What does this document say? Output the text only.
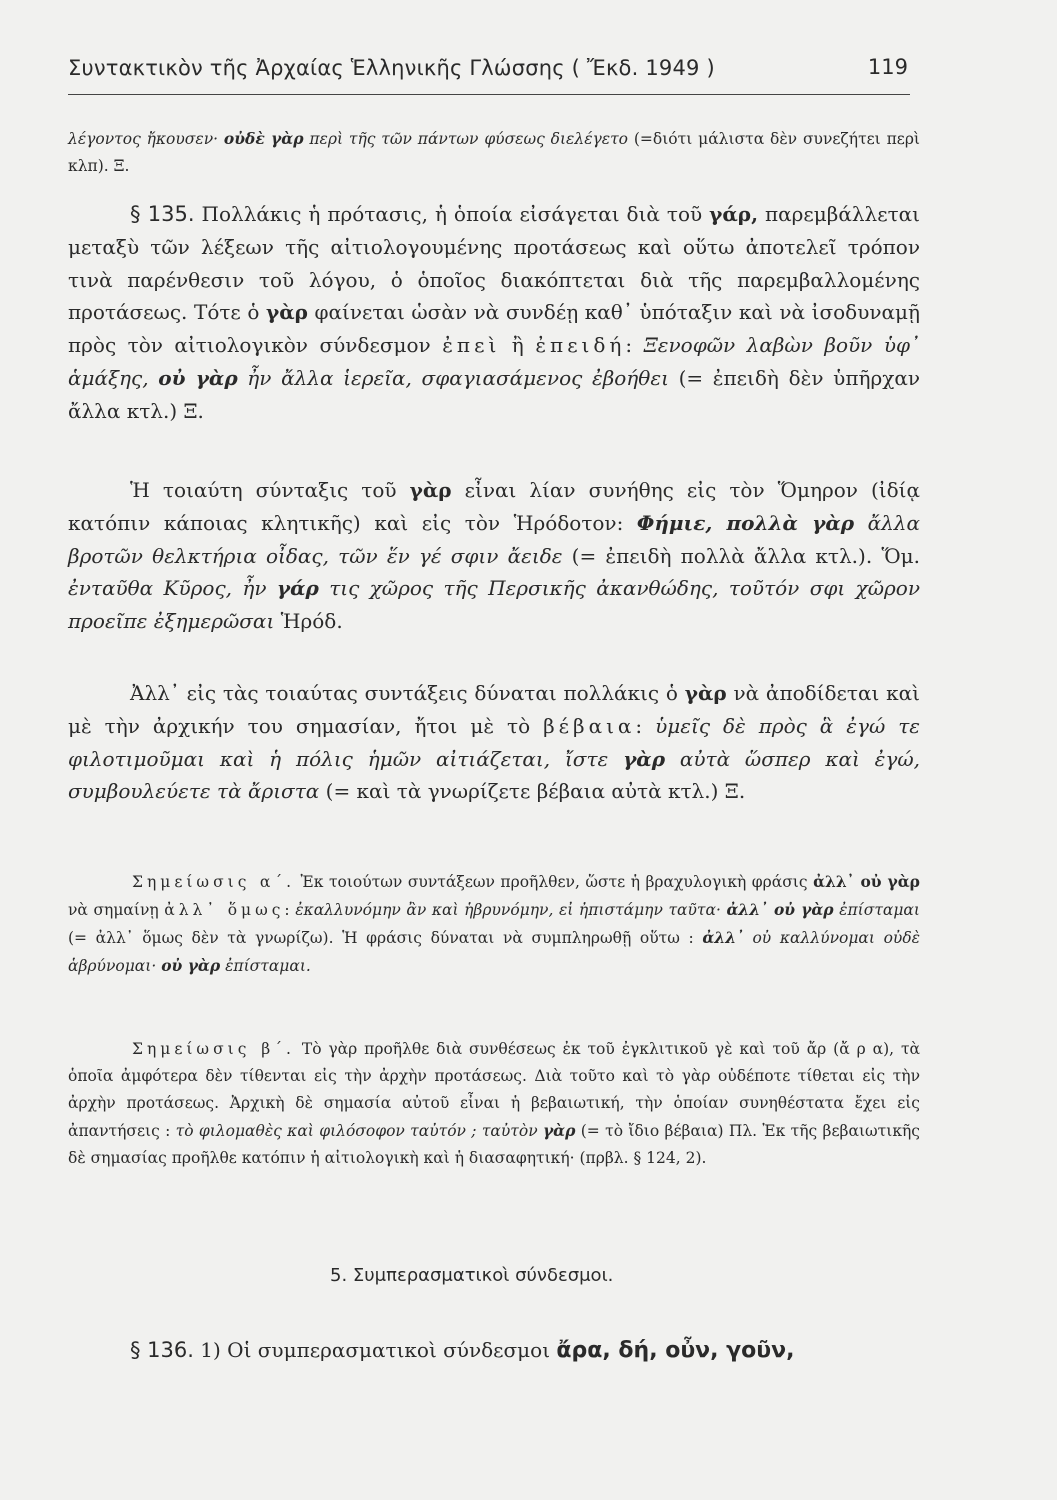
Συντακτικὸν τῆς Ἀρχαίας Ἑλληνικῆς Γλώσσης ( Ἔκδ. 1949 )	119

λέγοντος ἤκουσεν· οὐδὲ γὰρ περὶ τῆς τῶν πάντων φύσεως διελέγετο (=διότι μάλιστα δὲν συνεζήτει περὶ κλπ). Ξ.

§ 135. Πολλάκις ἡ πρότασις, ἡ ὁποία εἰσάγεται διὰ τοῦ γάρ, παρεμβάλλεται μεταξὺ τῶν λέξεων τῆς αἰτιολογουμένης προτάσεως καὶ οὕτω ἀποτελεῖ τρόπον τινὰ παρένθεσιν τοῦ λόγου, ὁ ὁποῖος διακόπτεται διὰ τῆς παρεμβαλλομένης προτάσεως. Τότε ὁ γὰρ φαίνεται ὡσὰν νὰ συνδέῃ καθ᾽ ὑπόταξιν καὶ νὰ ἰσοδυναμῇ πρὸς τὸν αἰτιολογικὸν σύνδεσμον ἐπεὶ ἢ ἐπειδή: Ξενοφῶν λαβὼν βοῦν ὑφ᾽ ἁμάξης, οὐ γὰρ ἦν ἄλλα ἱερεῖα, σφαγιασάμενος ἐβοήθει (= ἐπειδὴ δὲν ὑπῆρχαν ἄλλα κτλ.) Ξ.

Ἡ τοιαύτη σύνταξις τοῦ γὰρ εἶναι λίαν συνήθης εἰς τὸν Ὅμηρον (ἰδίᾳ κατόπιν κάποιας κλητικῆς) καὶ εἰς τὸν Ἡρόδοτον: Φήμιε, πολλὰ γὰρ ἄλλα βροτῶν θελκτήρια οἶδας, τῶν ἕν γέ σφιν ἄειδε (= ἐπειδὴ πολλὰ ἄλλα κτλ.). Ὅμ. ἐνταῦθα Κῦρος, ἦν γάρ τις χῶρος τῆς Περσικῆς ἀκανθώδης, τοῦτόν σφι χῶρον προεῖπε ἐξημερῶσαι Ἡρόδ.

Ἀλλ᾽ εἰς τὰς τοιαύτας συντάξεις δύναται πολλάκις ὁ γὰρ νὰ ἀποδίδεται καὶ μὲ τὴν ἀρχικήν του σημασίαν, ἤτοι μὲ τὸ βέβαια: ὑμεῖς δὲ πρὸς ἃ ἐγώ τε φιλοτιμοῦμαι καὶ ἡ πόλις ἡμῶν αἰτιάζεται, ἴστε γὰρ αὐτὰ ὥσπερ καὶ ἐγώ, συμβουλεύετε τὰ ἄριστα (= καὶ τὰ γνωρίζετε βέβαια αὐτὰ κτλ.) Ξ.

Σημείωσις α΄. Ἐκ τοιούτων συντάξεων προῆλθεν, ὥστε ἡ βραχυλογικὴ φράσις ἀλλ᾽ οὐ γὰρ νὰ σημαίνῃ ἀλλ᾽ ὅμως: ἐκαλλυνόμην ἂν καὶ ἡβρυνόμην, εἰ ἠπιστάμην ταῦτα· ἀλλ᾽ οὐ γὰρ ἐπίσταμαι (= ἀλλ᾽ ὅμως δὲν τὰ γνωρίζω). Ἡ φράσις δύναται νὰ συμπληρωθῇ οὕτω : ἀλλ᾽ οὐ καλλύνομαι οὐδὲ ἁβρύνομαι· οὐ γὰρ ἐπίσταμαι.

Σημείωσις β΄. Τὸ γὰρ προῆλθε διὰ συνθέσεως ἐκ τοῦ ἐγκλιτικοῦ γὲ καὶ τοῦ ἄρ (ἄ ρ α), τὰ ὁποῖα ἀμφότερα δὲν τίθενται εἰς τὴν ἀρχὴν προτάσεως. Διὰ τοῦτο καὶ τὸ γὰρ οὐδέποτε τίθεται εἰς τὴν ἀρχὴν προτάσεως. Ἀρχικὴ δὲ σημασία αὐτοῦ εἶναι ἡ βεβαιωτική, τὴν ὁποίαν συνηθέστατα ἔχει εἰς ἀπαντήσεις : τὸ φιλομαθὲς καὶ φιλόσοφον ταὐτόν ; ταὐτὸν γὰρ (= τὸ ἴδιο βέβαια) Πλ. Ἐκ τῆς βεβαιωτικῆς δὲ σημασίας προῆλθε κατόπιν ἡ αἰτιολογικὴ καὶ ἡ διασαφητική· (πρβλ. § 124, 2).

5. Συμπερασματικοὶ σύνδεσμοι.

§ 136. 1) Οἱ συμπερασματικοὶ σύνδεσμοι ἄρα, δή, οὖν, γοῦν,
